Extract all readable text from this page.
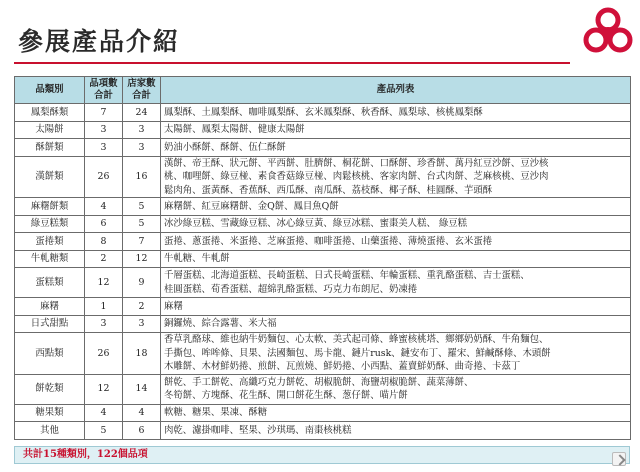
參展產品介紹
品類別	品項數合計	店家數合計	產品列表
鳳梨酥類	7	24	鳳梨酥、土鳳梨酥、咖啡鳳梨酥、玄米鳳梨酥、秋香酥、鳳梨球、核桃鳳梨酥

太陽餅	3	3	太陽餅、鳳梨太陽餅、健康太陽餅

酥餅類	3	3	奶油小酥餅、酥餅、伍仁酥餅

漢餅類	26	16	漢餅、帝王酥、狀元餅、平西餅、肚臍餅、桐花餅、口酥餅、珍香餅、萬丹紅豆沙餅、豆沙核
桃、咖哩餅、綠豆椪、素食香菇綠豆椪、肉鬆核桃、客家肉餅、台式肉餅、芝麻核桃、豆沙肉
鬆肉角、蛋黃酥、香蕉酥、西瓜酥、南瓜酥、荔枝酥、椰子酥、桂圓酥、芋頭酥

麻糬餅類	4	5	麻糬餅、紅豆麻糬餅、金Q餅、鳳目魚Q餅

綠豆糕類	6	5	冰沙綠豆糕、雪藏綠豆糕、冰心綠豆黃、綠豆冰糕、蜜棗美人糕、 綠豆糕

蛋捲類	8	7	蛋捲、蔥蛋捲、米蛋捲、芝麻蛋捲、咖啡蛋捲、山藥蛋捲、薄燒蛋捲、玄米蛋捲

牛軋糖類	2	12	牛軋糖、牛軋餅

蛋糕類	12	9	千層蛋糕、北海道蛋糕、長崎蛋糕、日式長崎蛋糕、年輪蛋糕、重乳酪蛋糕、吉士蛋糕、
桂圓蛋糕、荀香蛋糕、超綿乳酪蛋糕、巧克力布朗尼、奶凍捲

麻糬	1	2	麻糬

日式甜點	3	3	銅鑼燒、綜合露薯、米大福

西點類	26	18	香草乳酪球、維也納牛奶麵包、心太軟、美式起司條、蜂蜜核桃塔、鄉鄉奶奶酥、牛角麵包、
手撕包、哞哞條、貝果、法國麵包、馬卡龍、鏈片rusk、鏈安布丁、羅宋、鮮鹹酥條、木頭餅
木雕餅、木材鮮奶捲、煎餅、瓦煎燒、鮮奶捲、小西點、蓋賣鮮奶酥、曲奇捲、卡茲丁

餅乾類	12	14	餅乾、手工餅乾、高纖巧克力餅乾、胡椒脆餅、海鹽胡椒脆餅、蔬菜薄餅、
冬筍餅、方塊酥、花生酥、開口餅花生酥、葱仔餅、喵片餅

糖果類	4	4	軟糖、糖果、果凍、酥糖

其他	5	6	肉乾、濾掛咖啡、堅果、沙琪瑪、南棗核桃糕
共計15種類別，122個品項
